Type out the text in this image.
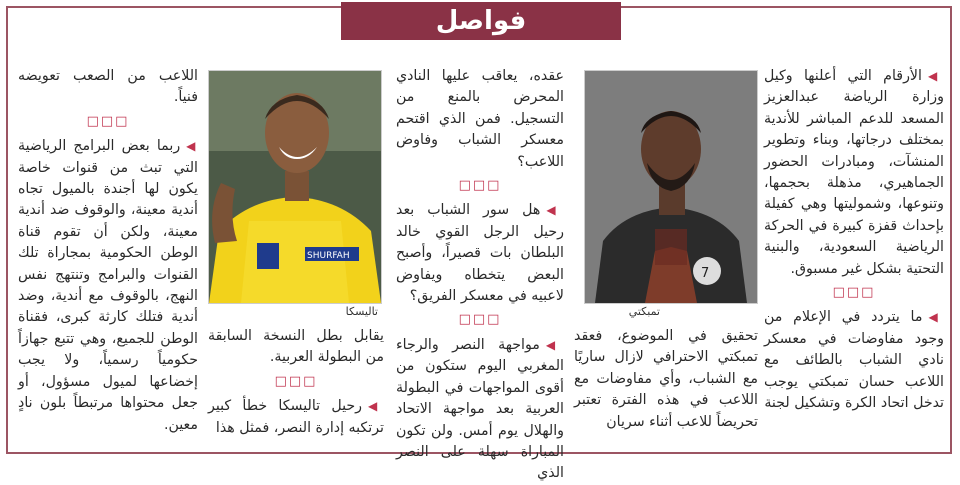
فواصل

◀الأرقام التي أعلنها وكيل وزارة الرياضة عبدالعزيز المسعد للدعم المباشر للأندية بمختلف درجاتها، وبناء وتطوير المنشآت، ومبادرات الحضور الجماهيري، مذهلة بحجمها، وتنوعها، وشموليتها وهي كفيلة بإحداث قفزة كبيرة في الحركة الرياضية السعودية، والبنية التحتية بشكل غير مسبوق.

□□□

◀ما يتردد في الإعلام من وجود مفاوضات في معسكر نادي الشباب بالطائف مع اللاعب حسان تمبكتي يوجب تدخل اتحاد الكرة وتشكيل لجنة

7
تمبكتي

تحقيق في الموضوع، فعقد تمبكتي الاحترافي لازال ساريًا مع الشباب، وأي مفاوضات مع اللاعب في هذه الفترة تعتبر تحريضاً للاعب أثناء سريان

عقده، يعاقب عليها النادي المحرض بالمنع من التسجيل. فمن الذي اقتحم معسكر الشباب وفاوض اللاعب؟

□□□

◀هل سور الشباب بعد رحيل الرجل القوي خالد البلطان بات قصيراً، وأصبح البعض يتخطاه ويفاوض لاعبيه في معسكر الفريق؟

□□□

◀مواجهة النصر والرجاء المغربي اليوم ستكون من أقوى المواجهات في البطولة العربية بعد مواجهة الاتحاد والهلال يوم أمس. ولن تكون المباراة سهلة على النصر الذي

SHURFAH
تاليسكا

يقابل بطل النسخة السابقة من البطولة العربية.

□□□

◀رحيل تاليسكا خطأ كبير ترتكبه إدارة النصر، فمثل هذا

اللاعب من الصعب تعويضه فنياً.

□□□

◀ربما بعض البرامج الرياضية التي تبث من قنوات خاصة يكون لها أجندة بالميول تجاه أندية معينة، والوقوف ضد أندية معينة، ولكن أن تقوم قناة الوطن الحكومية بمجاراة تلك القنوات والبرامج وتنتهج نفس النهج، بالوقوف مع أندية، وضد أندية فتلك كارثة كبرى، فقناة الوطن للجميع، وهي تتبع جهازاً حكومياً رسمياً، ولا يجب إخضاعها لميول مسؤول، أو جعل محتواها مرتبطاً بلون نادٍ معين.
